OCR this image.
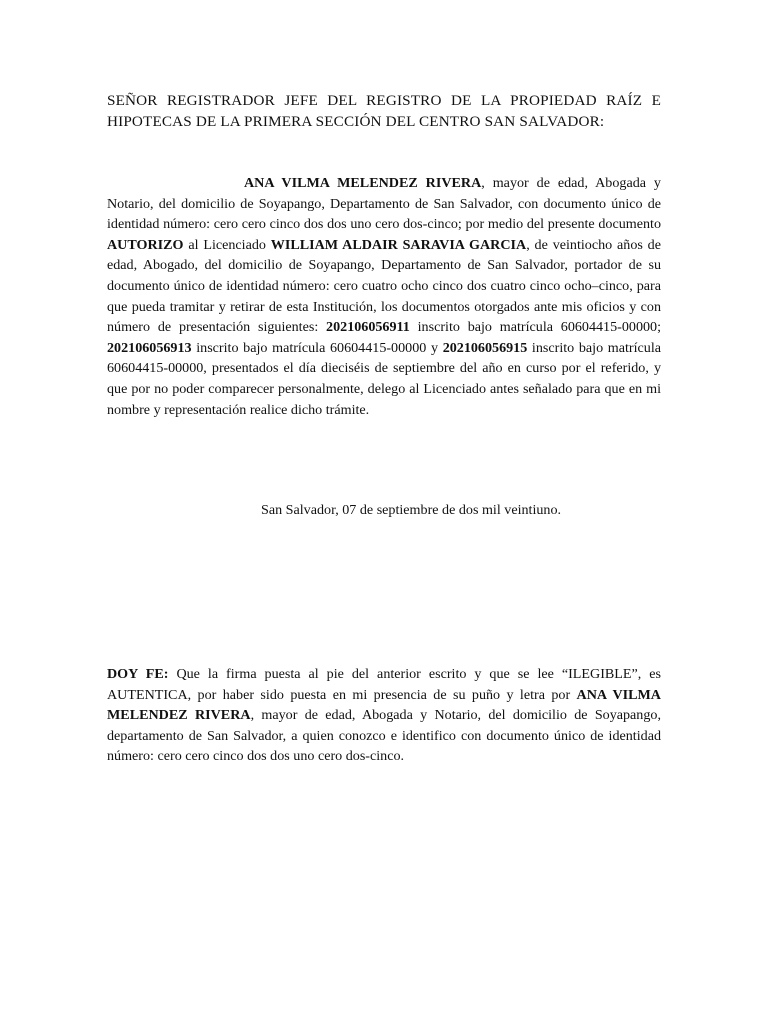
SEÑOR REGISTRADOR JEFE DEL REGISTRO DE LA PROPIEDAD RAÍZ E
HIPOTECAS DE LA PRIMERA SECCIÓN DEL CENTRO SAN SALVADOR:

ANA VILMA MELENDEZ RIVERA, mayor de edad, Abogada y Notario, del domicilio de Soyapango, Departamento de San Salvador, con documento único de identidad número: cero cero cinco dos dos uno cero dos-cinco; por medio del presente documento AUTORIZO al Licenciado WILLIAM ALDAIR SARAVIA GARCIA, de veintiocho años de edad, Abogado, del domicilio de Soyapango, Departamento de San Salvador, portador de su documento único de identidad número: cero cuatro ocho cinco dos cuatro cinco ocho–cinco, para que pueda tramitar y retirar de esta Institución, los documentos otorgados ante mis oficios y con número de presentación siguientes: 202106056911 inscrito bajo matrícula 60604415-00000; 202106056913 inscrito bajo matrícula 60604415-00000 y 202106056915 inscrito bajo matrícula 60604415-00000, presentados el día dieciséis de septiembre del año en curso por el referido, y que por no poder comparecer personalmente, delego al Licenciado antes señalado para que en mi nombre y representación realice dicho trámite.

San Salvador, 07 de septiembre de dos mil veintiuno.

DOY FE: Que la firma puesta al pie del anterior escrito y que se lee “ILEGIBLE”, es AUTENTICA, por haber sido puesta en mi presencia de su puño y letra por ANA VILMA MELENDEZ RIVERA, mayor de edad, Abogada y Notario, del domicilio de Soyapango, departamento de San Salvador, a quien conozco e identifico con documento único de identidad número: cero cero cinco dos dos uno cero dos-cinco.
